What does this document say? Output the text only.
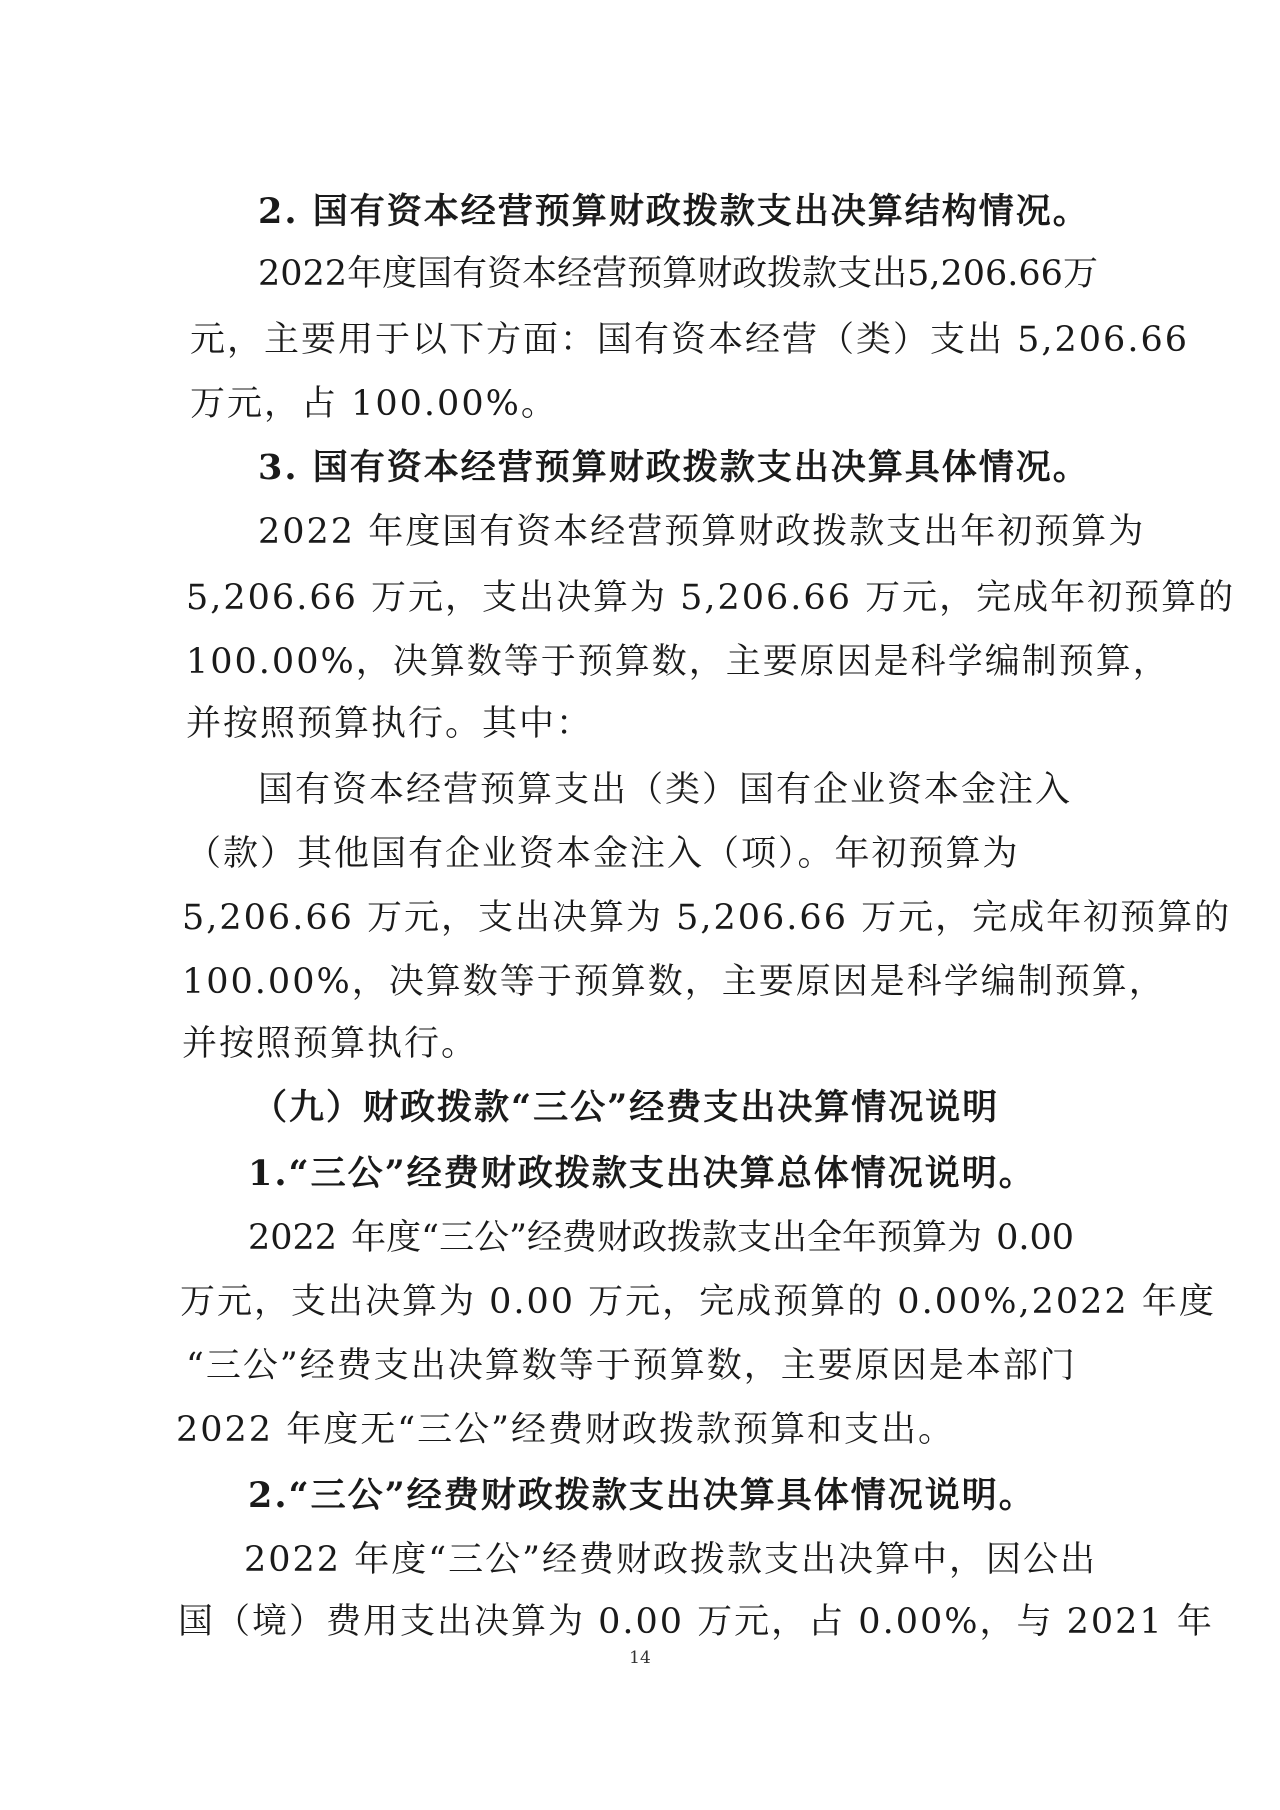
2. 国有资本经营预算财政拨款支出决算结构情况。
2022 年度国有资本经营预算财政拨款支出 5,206.66 万
元，主要用于以下方面：国有资本经营（类）支出 5,206.66
万元，占 100.00%。
3. 国有资本经营预算财政拨款支出决算具体情况。
2022 年度国有资本经营预算财政拨款支出年初预算为
5,206.66 万元，支出决算为 5,206.66 万元，完成年初预算的
100.00%，决算数等于预算数，主要原因是科学编制预算，
并按照预算执行。其中：
国有资本经营预算支出（类）国有企业资本金注入
（款）其他国有企业资本金注入（项）。年初预算为
5,206.66 万元，支出决算为 5,206.66 万元，完成年初预算的
100.00%，决算数等于预算数，主要原因是科学编制预算，
并按照预算执行。
（九）财政拨款“三公”经费支出决算情况说明
1.“三公”经费财政拨款支出决算总体情况说明。
2022 年度“三公”经费财政拨款支出全年预算为 0.00
万元，支出决算为 0.00 万元，完成预算的 0.00%,2022 年度
“三公”经费支出决算数等于预算数，主要原因是本部门
2022 年度无“三公”经费财政拨款预算和支出。
2.“三公”经费财政拨款支出决算具体情况说明。
2022 年度“三公”经费财政拨款支出决算中，因公出
国（境）费用支出决算为 0.00 万元，占 0.00%，与 2021 年
14
